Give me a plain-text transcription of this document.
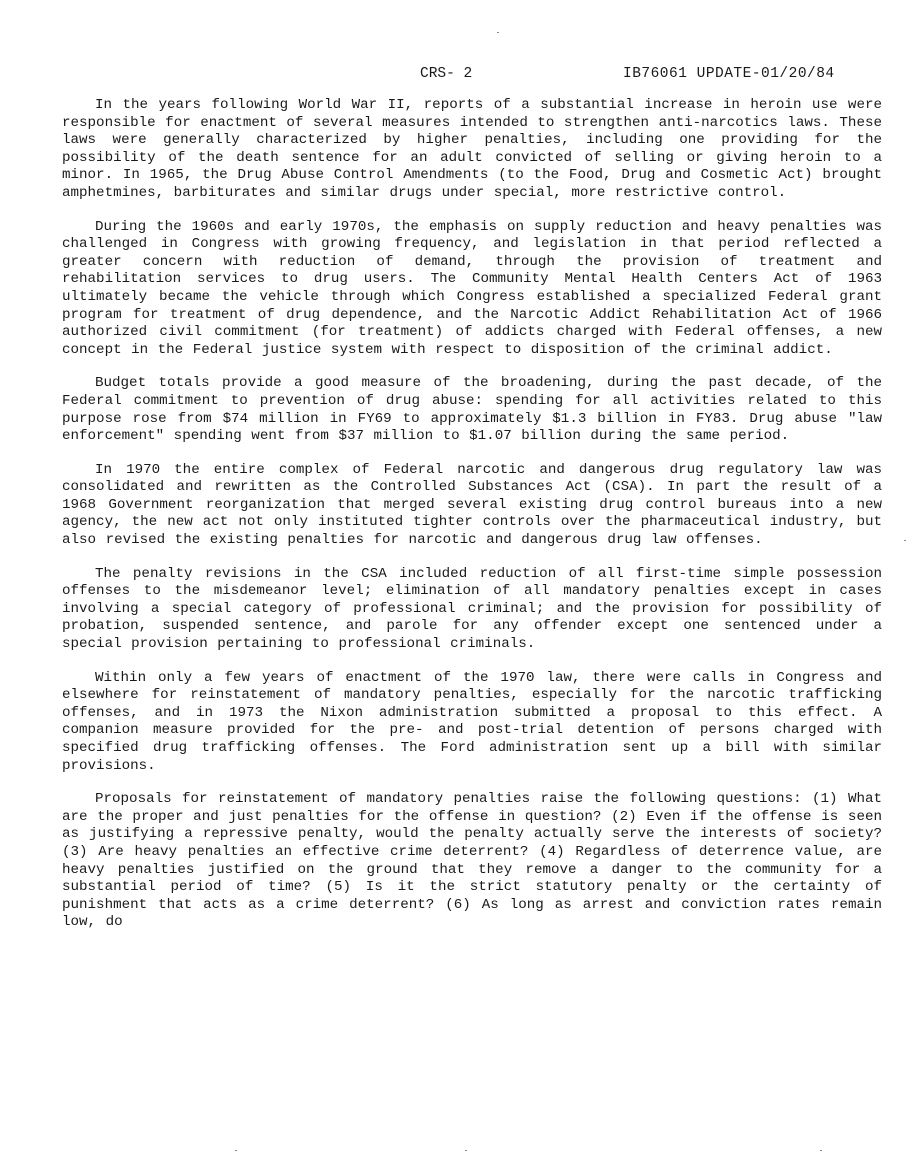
CRS- 2	IB76061 UPDATE-01/20/84

In the years following World War II, reports of a substantial increase in heroin use were responsible for enactment of several measures intended to strengthen anti-narcotics laws. These laws were generally characterized by higher penalties, including one providing for the possibility of the death sentence for an adult convicted of selling or giving heroin to a minor. In 1965, the Drug Abuse Control Amendments (to the Food, Drug and Cosmetic Act) brought amphetmines, barbiturates and similar drugs under special, more restrictive control.

During the 1960s and early 1970s, the emphasis on supply reduction and heavy penalties was challenged in Congress with growing frequency, and legislation in that period reflected a greater concern with reduction of demand, through the provision of treatment and rehabilitation services to drug users. The Community Mental Health Centers Act of 1963 ultimately became the vehicle through which Congress established a specialized Federal grant program for treatment of drug dependence, and the Narcotic Addict Rehabilitation Act of 1966 authorized civil commitment (for treatment) of addicts charged with Federal offenses, a new concept in the Federal justice system with respect to disposition of the criminal addict.

Budget totals provide a good measure of the broadening, during the past decade, of the Federal commitment to prevention of drug abuse: spending for all activities related to this purpose rose from $74 million in FY69 to approximately $1.3 billion in FY83. Drug abuse "law enforcement" spending went from $37 million to $1.07 billion during the same period.

In 1970 the entire complex of Federal narcotic and dangerous drug regulatory law was consolidated and rewritten as the Controlled Substances Act (CSA). In part the result of a 1968 Government reorganization that merged several existing drug control bureaus into a new agency, the new act not only instituted tighter controls over the pharmaceutical industry, but also revised the existing penalties for narcotic and dangerous drug law offenses.

The penalty revisions in the CSA included reduction of all first-time simple possession offenses to the misdemeanor level; elimination of all mandatory penalties except in cases involving a special category of professional criminal; and the provision for possibility of probation, suspended sentence, and parole for any offender except one sentenced under a special provision pertaining to professional criminals.

Within only a few years of enactment of the 1970 law, there were calls in Congress and elsewhere for reinstatement of mandatory penalties, especially for the narcotic trafficking offenses, and in 1973 the Nixon administration submitted a proposal to this effect. A companion measure provided for the pre- and post-trial detention of persons charged with specified drug trafficking offenses. The Ford administration sent up a bill with similar provisions.

Proposals for reinstatement of mandatory penalties raise the following questions: (1) What are the proper and just penalties for the offense in question? (2) Even if the offense is seen as justifying a repressive penalty, would the penalty actually serve the interests of society? (3) Are heavy penalties an effective crime deterrent? (4) Regardless of deterrence value, are heavy penalties justified on the ground that they remove a danger to the community for a substantial period of time? (5) Is it the strict statutory penalty or the certainty of punishment that acts as a crime deterrent? (6) As long as arrest and conviction rates remain low, do
